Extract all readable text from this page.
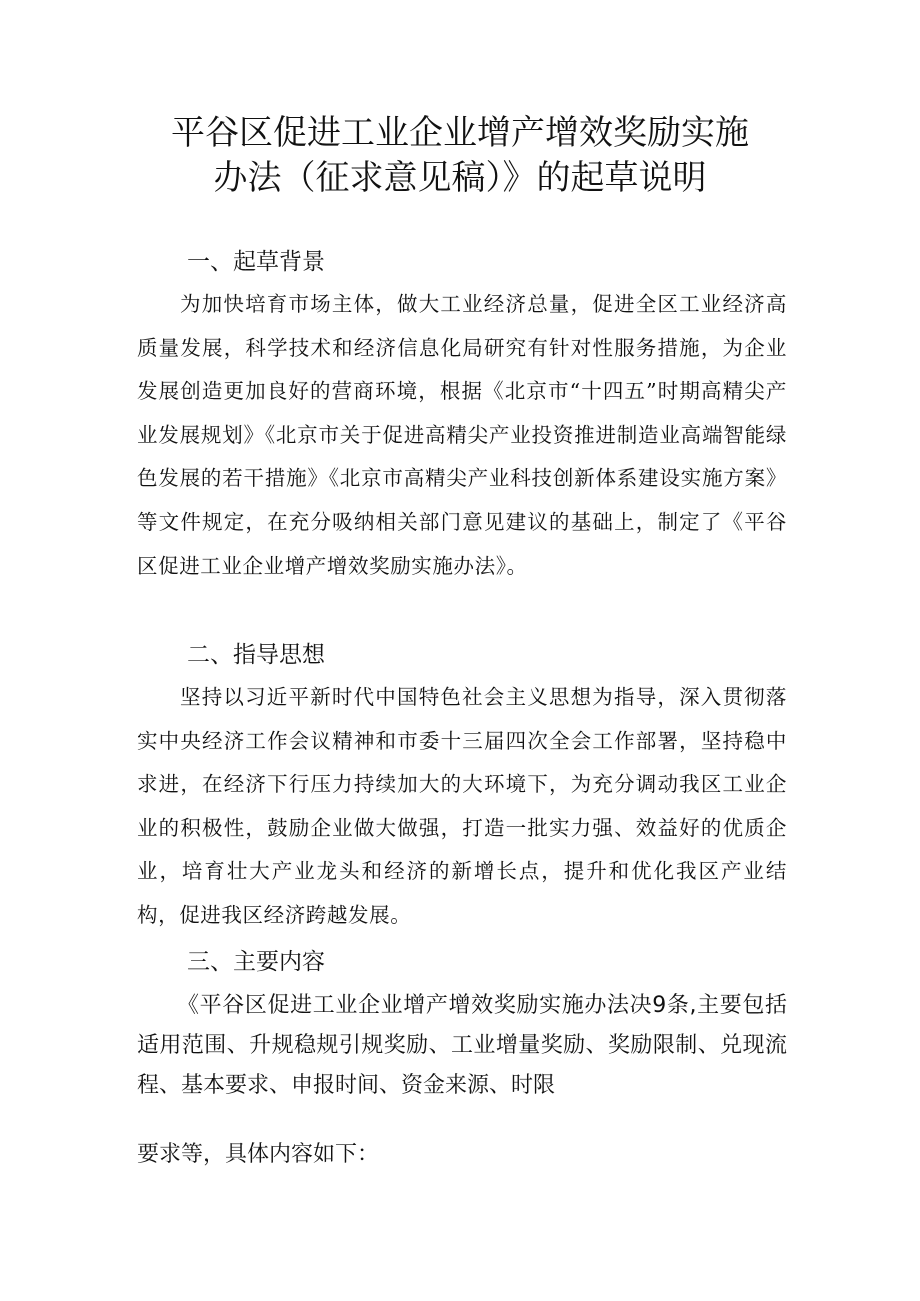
平谷区促进工业企业增产增效奖励实施
办法（征求意见稿）》的起草说明
一、起草背景
为加快培育市场主体，做大工业经济总量，促进全区工业经济高质量发展，科学技术和经济信息化局研究有针对性服务措施，为企业发展创造更加良好的营商环境，根据《北京市“十四五”时期高精尖产业发展规划》《北京市关于促进高精尖产业投资推进制造业高端智能绿色发展的若干措施》《北京市高精尖产业科技创新体系建设实施方案》等文件规定，在充分吸纳相关部门意见建议的基础上，制定了《平谷区促进工业企业增产增效奖励实施办法》。
二、指导思想
坚持以习近平新时代中国特色社会主义思想为指导，深入贯彻落实中央经济工作会议精神和市委十三届四次全会工作部署，坚持稳中求进，在经济下行压力持续加大的大环境下，为充分调动我区工业企业的积极性，鼓励企业做大做强，打造一批实力强、效益好的优质企业，培育壮大产业龙头和经济的新增长点，提升和优化我区产业结构，促进我区经济跨越发展。
三、主要内容
《平谷区促进工业企业增产增效奖励实施办法决9条,主要包括适用范围、升规稳规引规奖励、工业增量奖励、奖励限制、兑现流程、基本要求、申报时间、资金来源、时限
要求等，具体内容如下：
